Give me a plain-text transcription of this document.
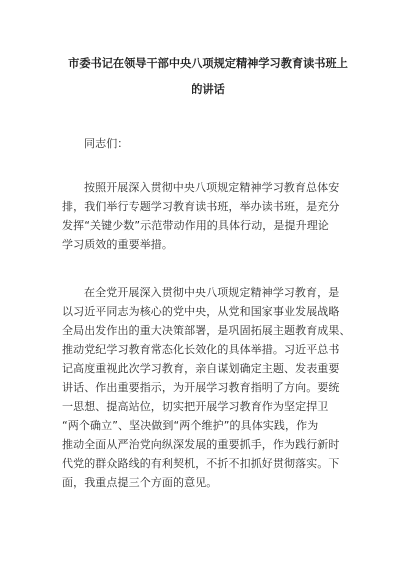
市委书记在领导干部中央八项规定精神学习教育读书班上
的讲话
同志们：
按照开展深入贯彻中央八项规定精神学习教育总体安
排，我们举行专题学习教育读书班，举办读书班，是充分
发挥“关键少数”示范带动作用的具体行动，是提升理论
学习质效的重要举措。
在全党开展深入贯彻中央八项规定精神学习教育，是
以习近平同志为核心的党中央，从党和国家事业发展战略
全局出发作出的重大决策部署，是巩固拓展主题教育成果、
推动党纪学习教育常态化长效化的具体举措。习近平总书
记高度重视此次学习教育，亲自谋划确定主题、发表重要
讲话、作出重要指示，为开展学习教育指明了方向。要统
一思想、提高站位，切实把开展学习教育作为坚定捍卫
“两个确立”、坚决做到“两个维护”的具体实践，作为
推动全面从严治党向纵深发展的重要抓手，作为践行新时
代党的群众路线的有利契机，不折不扣抓好贯彻落实。下
面，我重点提三个方面的意见。
